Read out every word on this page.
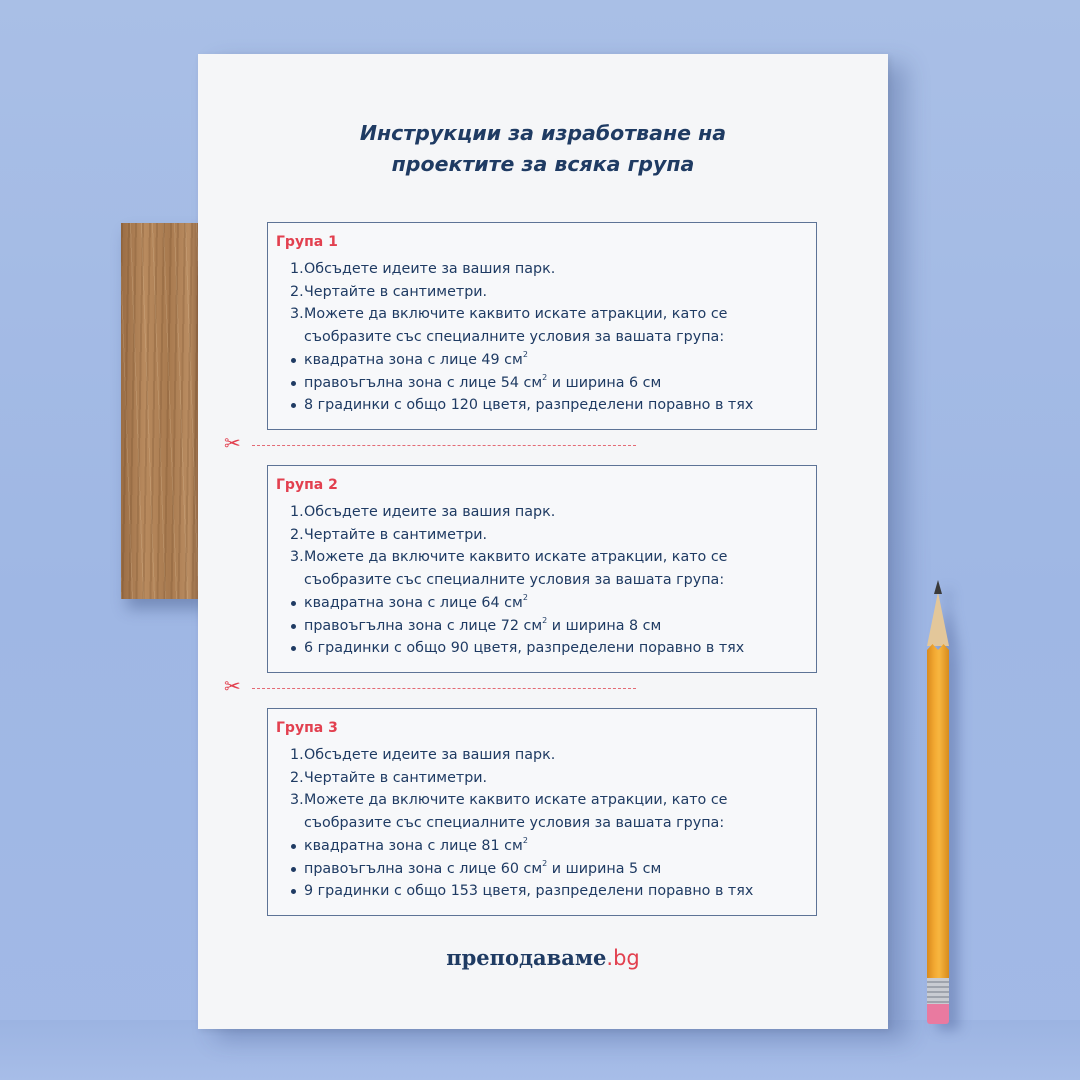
Инструкции за изработване на
проектите за всяка група
Група 1
1. Обсъдете идеите за вашия парк.
2. Чертайте в сантиметри.
3. Можете да включите каквито искате атракции, като се
съобразите със специалните условия за вашата група:
квадратна зона с лице 49 $см^2$
правоъгълна зона с лице 54 $см^2$ и ширина 6 см
8 градинки с общо 120 цветя, разпределени поравно в тях
✂
Група 2
1. Обсъдете идеите за вашия парк.
2. Чертайте в сантиметри.
3. Можете да включите каквито искате атракции, като се
съобразите със специалните условия за вашата група:
квадратна зона с лице 64 $см^2$
правоъгълна зона с лице 72 $см^2$ и ширина 8 см
6 градинки с общо 90 цветя, разпределени поравно в тях
✂
Група 3
1. Обсъдете идеите за вашия парк.
2. Чертайте в сантиметри.
3. Можете да включите каквито искате атракции, като се
съобразите със специалните условия за вашата група:
квадратна зона с лице 81 $см^2$
правоъгълна зона с лице 60 $см^2$ и ширина 5 см
9 градинки с общо 153 цветя, разпределени поравно в тях
преподаваме.bg
